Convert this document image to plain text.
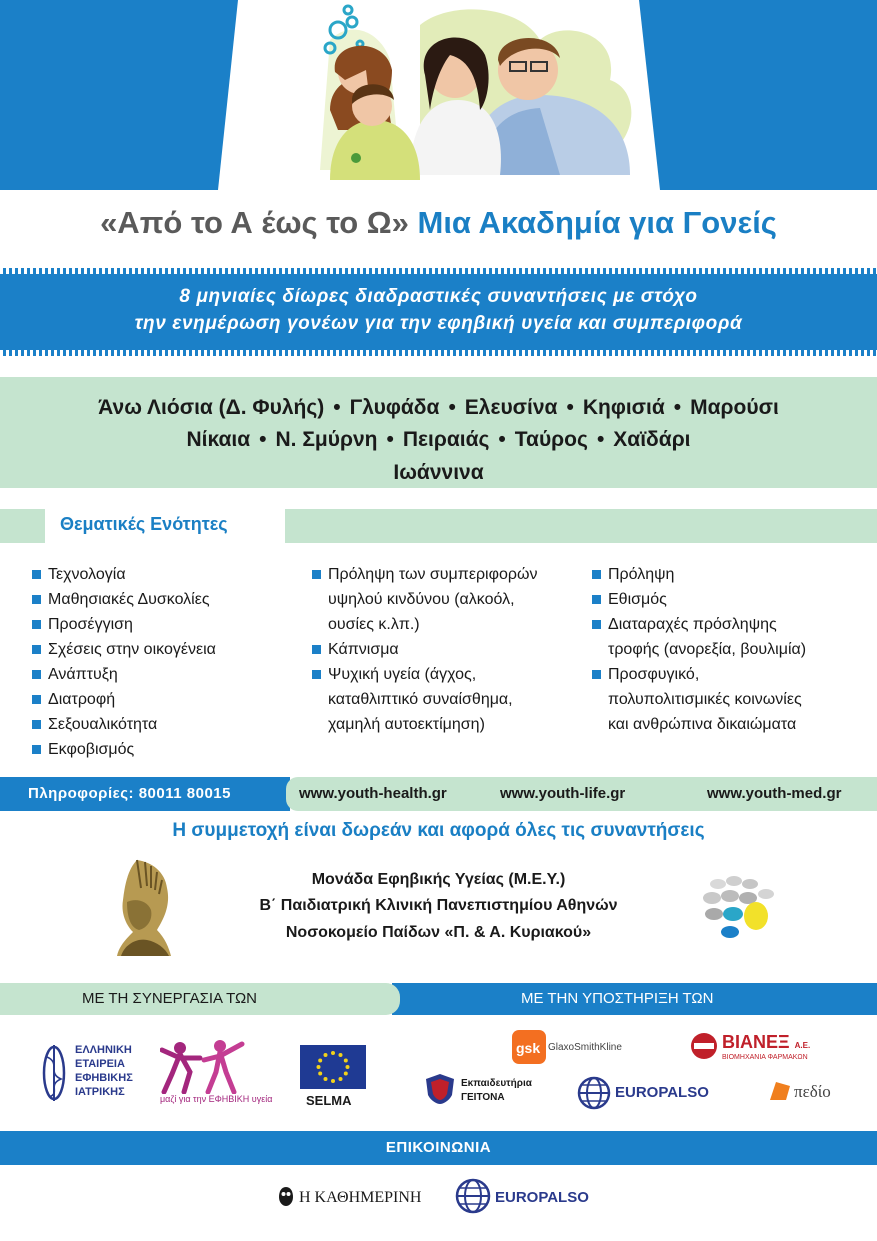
«Από το Α έως το Ω» Μια Ακαδημία για Γονείς
8 μηνιαίες δίωρες διαδραστικές συναντήσεις με στόχο
την ενημέρωση γονέων για την εφηβική υγεία και συμπεριφορά
Άνω Λιόσια (Δ. Φυλής) • Γλυφάδα • Ελευσίνα • Κηφισιά • Μαρούσι
Νίκαια • Ν. Σμύρνη • Πειραιάς • Ταύρος • Χαϊδάρι
Ιωάννινα
Θεματικές Ενότητες
Τεχνολογία
Μαθησιακές Δυσκολίες
Προσέγγιση
Σχέσεις στην οικογένεια
Ανάπτυξη
Διατροφή
Σεξουαλικότητα
Εκφοβισμός
Πρόληψη των συμπεριφορών
υψηλού κινδύνου (αλκοόλ,
ουσίες κ.λπ.)
Κάπνισμα
Ψυχική υγεία (άγχος,
καταθλιπτικό συναίσθημα,
χαμηλή αυτοεκτίμηση)
Πρόληψη
Εθισμός
Διαταραχές πρόσληψης
τροφής (ανορεξία, βουλιμία)
Προσφυγικό,
πολυπολιτισμικές κοινωνίες
και ανθρώπινα δικαιώματα
Πληροφορίες: 80011 80015	www.youth-health.gr	www.youth-life.gr	www.youth-med.gr
Η συμμετοχή είναι δωρεάν και αφορά όλες τις συναντήσεις
Μονάδα Εφηβικής Υγείας (Μ.Ε.Υ.)
Β΄ Παιδιατρική Κλινική Πανεπιστημίου Αθηνών
Νοσοκομείο Παίδων «Π. & Α. Κυριακού»
ΜΕ ΤΗ ΣΥΝΕΡΓΑΣΙΑ ΤΩΝ	ΜΕ ΤΗΝ ΥΠΟΣΤΗΡΙΞΗ ΤΩΝ
ΕΛΛΗΝΙΚΗ
ΕΤΑΙΡΕΙΑ
ΕΦΗΒΙΚΗΣ
ΙΑΤΡΙΚΗΣ
μαζί για την ΕΦΗΒΙΚΗ υγεία	SELMA
gsk GlaxoSmithKline	ΒΙΑΝΕΞ Α.Ε.
ΒΙΟΜΗΧΑΝΙΑ ΦΑΡΜΑΚΩΝ
Εκπαιδευτήρια
ΓΕΙΤΟΝΑ	EUROPALSO	πεδίο
ΕΠΙΚΟΙΝΩΝΙΑ
Η ΚΑΘΗΜΕΡΙΝΗ	EUROPALSO
